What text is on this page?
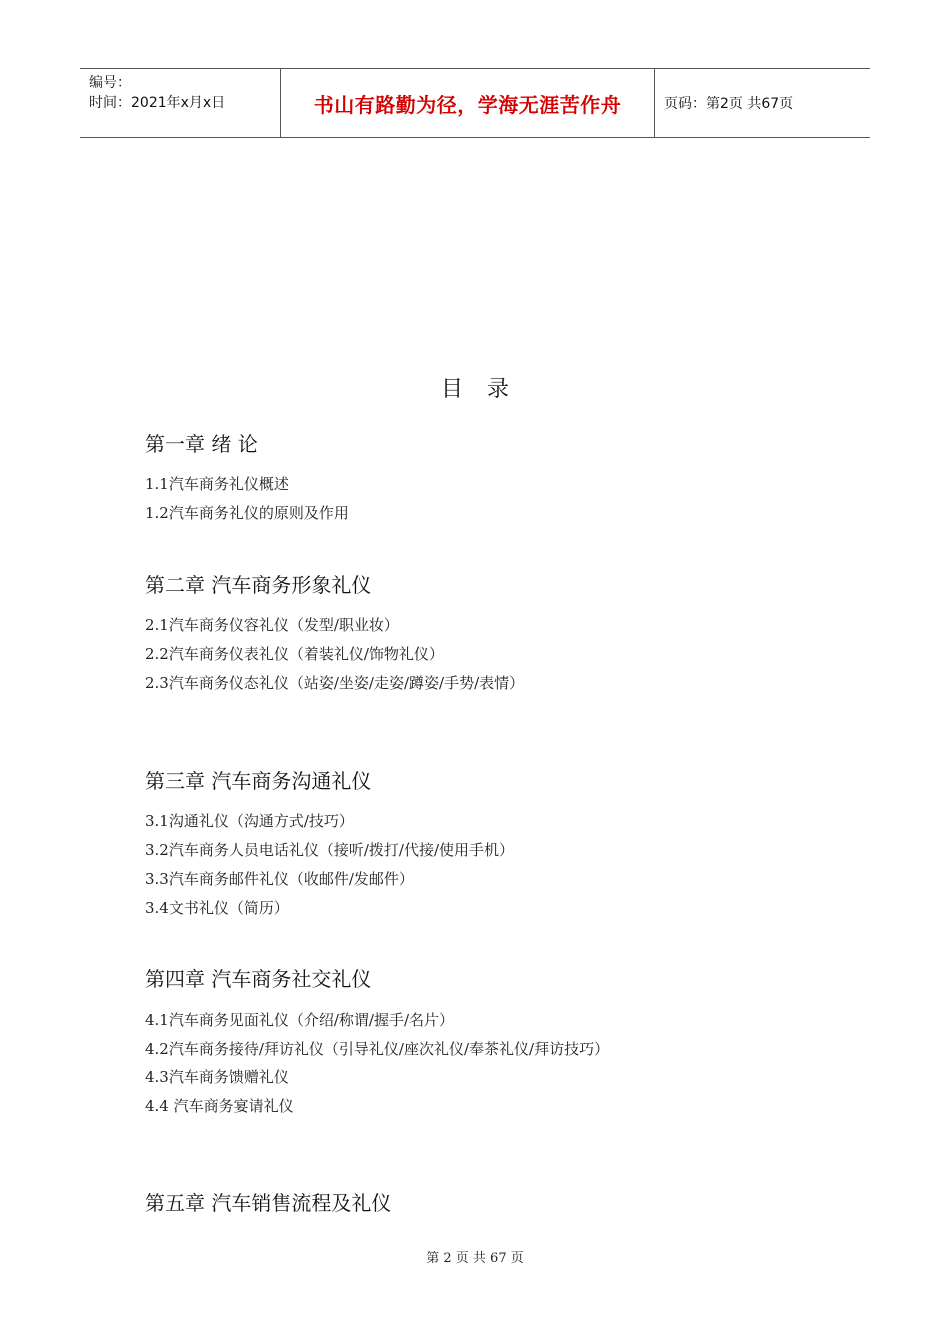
编号：
时间：2021年x月x日	书山有路勤为径，学海无涯苦作舟	页码：第2页 共67页
目录
第一章 绪 论
1.1汽车商务礼仪概述
1.2汽车商务礼仪的原则及作用
第二章 汽车商务形象礼仪
2.1汽车商务仪容礼仪（发型/职业妆）
2.2汽车商务仪表礼仪（着装礼仪/饰物礼仪）
2.3汽车商务仪态礼仪（站姿/坐姿/走姿/蹲姿/手势/表情）
第三章 汽车商务沟通礼仪
3.1沟通礼仪（沟通方式/技巧）
3.2汽车商务人员电话礼仪（接听/拨打/代接/使用手机）
3.3汽车商务邮件礼仪（收邮件/发邮件）
3.4文书礼仪（简历）
第四章 汽车商务社交礼仪
4.1汽车商务见面礼仪（介绍/称谓/握手/名片）
4.2汽车商务接待/拜访礼仪（引导礼仪/座次礼仪/奉茶礼仪/拜访技巧）
4.3汽车商务馈赠礼仪
4.4 汽车商务宴请礼仪
第五章 汽车销售流程及礼仪
第 2 页 共 67 页
